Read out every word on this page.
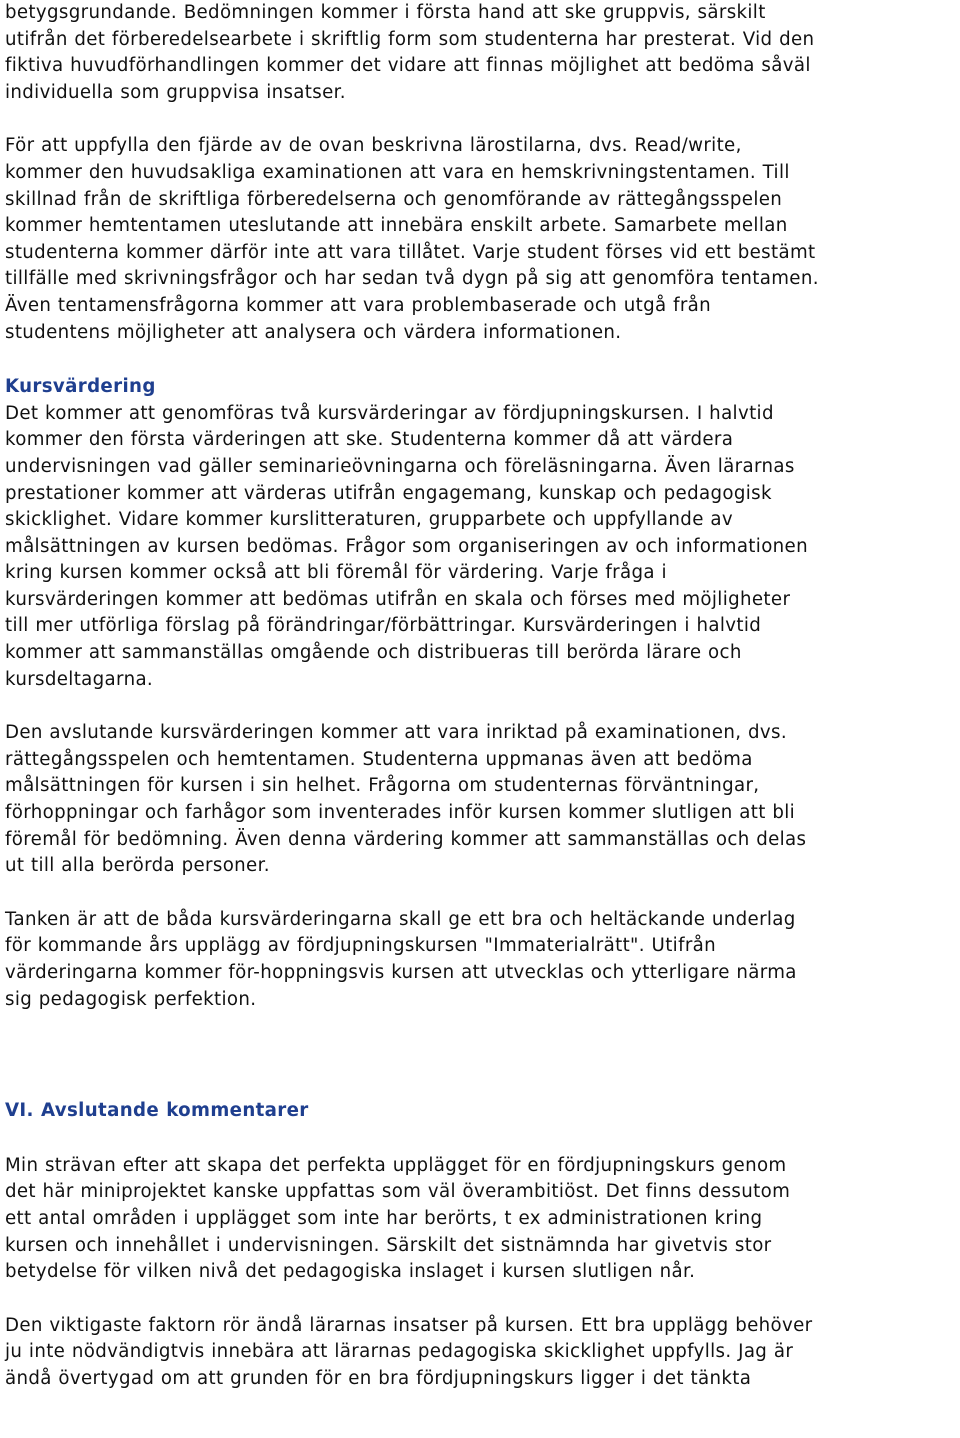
betygsgrundande. Bedömningen kommer i första hand att ske gruppvis, särskilt
utifrån det förberedelsearbete i skriftlig form som studenterna har presterat. Vid den
fiktiva huvudförhandlingen kommer det vidare att finnas möjlighet att bedöma såväl
individuella som gruppvisa insatser.

För att uppfylla den fjärde av de ovan beskrivna lärostilarna, dvs. Read/write,
kommer den huvudsakliga examinationen att vara en hemskrivningstentamen. Till
skillnad från de skriftliga förberedelserna och genomförande av rättegångsspelen
kommer hemtentamen uteslutande att innebära enskilt arbete. Samarbete mellan
studenterna kommer därför inte att vara tillåtet. Varje student förses vid ett bestämt
tillfälle med skrivningsfrågor och har sedan två dygn på sig att genomföra tentamen.
Även tentamensfrågorna kommer att vara problembaserade och utgå från
studentens möjligheter att analysera och värdera informationen.

Kursvärdering

Det kommer att genomföras två kursvärderingar av fördjupningskursen. I halvtid
kommer den första värderingen att ske. Studenterna kommer då att värdera
undervisningen vad gäller seminarieövningarna och föreläsningarna. Även lärarnas
prestationer kommer att värderas utifrån engagemang, kunskap och pedagogisk
skicklighet. Vidare kommer kurslitteraturen, grupparbete och uppfyllande av
målsättningen av kursen bedömas. Frågor som organiseringen av och informationen
kring kursen kommer också att bli föremål för värdering. Varje fråga i
kursvärderingen kommer att bedömas utifrån en skala och förses med möjligheter
till mer utförliga förslag på förändringar/förbättringar. Kursvärderingen i halvtid
kommer att sammanställas omgående och distribueras till berörda lärare och
kursdeltagarna.

Den avslutande kursvärderingen kommer att vara inriktad på examinationen, dvs.
rättegångsspelen och hemtentamen. Studenterna uppmanas även att bedöma
målsättningen för kursen i sin helhet. Frågorna om studenternas förväntningar,
förhoppningar och farhågor som inventerades inför kursen kommer slutligen att bli
föremål för bedömning. Även denna värdering kommer att sammanställas och delas
ut till alla berörda personer.

Tanken är att de båda kursvärderingarna skall ge ett bra och heltäckande underlag
för kommande års upplägg av fördjupningskursen "Immaterialrätt". Utifrån
värderingarna kommer för-hoppningsvis kursen att utvecklas och ytterligare närma
sig pedagogisk perfektion.

VI. Avslutande kommentarer

Min strävan efter att skapa det perfekta upplägget för en fördjupningskurs genom
det här miniprojektet kanske uppfattas som väl överambitiöst. Det finns dessutom
ett antal områden i upplägget som inte har berörts, t ex administrationen kring
kursen och innehållet i undervisningen. Särskilt det sistnämnda har givetvis stor
betydelse för vilken nivå det pedagogiska inslaget i kursen slutligen når.

Den viktigaste faktorn rör ändå lärarnas insatser på kursen. Ett bra upplägg behöver
ju inte nödvändigtvis innebära att lärarnas pedagogiska skicklighet uppfylls. Jag är
ändå övertygad om att grunden för en bra fördjupningskurs ligger i det tänkta
